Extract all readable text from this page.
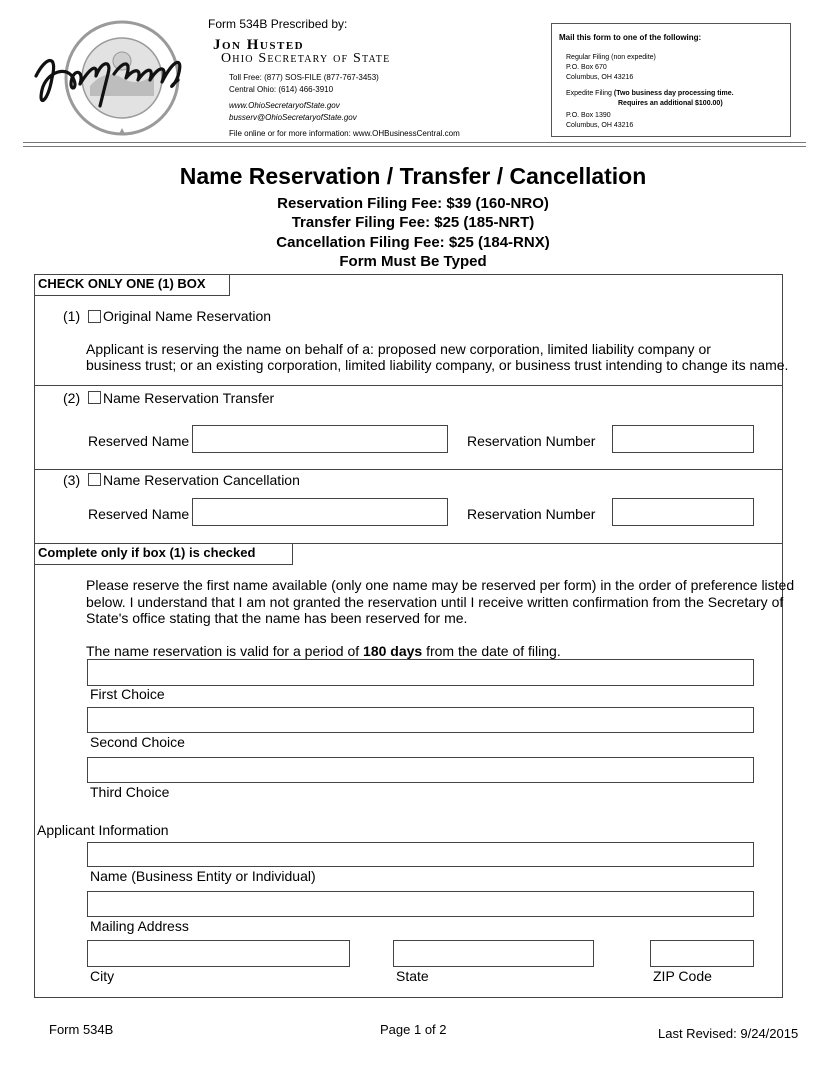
Form 534B Prescribed by:
Jon Husted
Ohio Secretary of State
Toll Free: (877) SOS-FILE (877-767-3453)
Central Ohio: (614) 466-3910
www.OhioSecretaryofState.gov
busserv@OhioSecretaryofState.gov
File online or for more information: www.OHBusinessCentral.com
Mail this form to one of the following:
Regular Filing (non expedite)
P.O. Box 670
Columbus, OH 43216
Expedite Filing (Two business day processing time.
Requires an additional $100.00)
P.O. Box 1390
Columbus, OH 43216
Name Reservation / Transfer / Cancellation
Reservation Filing Fee: $39 (160-NRO)
Transfer Filing Fee: $25 (185-NRT)
Cancellation Filing Fee: $25 (184-RNX)
Form Must Be Typed
CHECK ONLY ONE (1) BOX
(1) Original Name Reservation
Applicant is reserving the name on behalf of a: proposed new corporation, limited liability company or
business trust; or an existing corporation, limited liability company, or business trust intending to change its name.
(2) Name Reservation Transfer
Reserved Name	Reservation Number
(3) Name Reservation Cancellation
Reserved Name	Reservation Number
Complete only if box (1) is checked
Please reserve the first name available (only one name may be reserved per form) in the order of preference listed
below. I understand that I am not granted the reservation until I receive written confirmation from the Secretary of
State's office stating that the name has been reserved for me.
The name reservation is valid for a period of 180 days from the date of filing.
First Choice
Second Choice
Third Choice
Applicant Information
Name (Business Entity or Individual)
Mailing Address
City	State	ZIP Code
Form 534B	Page 1 of 2	Last Revised: 9/24/2015
